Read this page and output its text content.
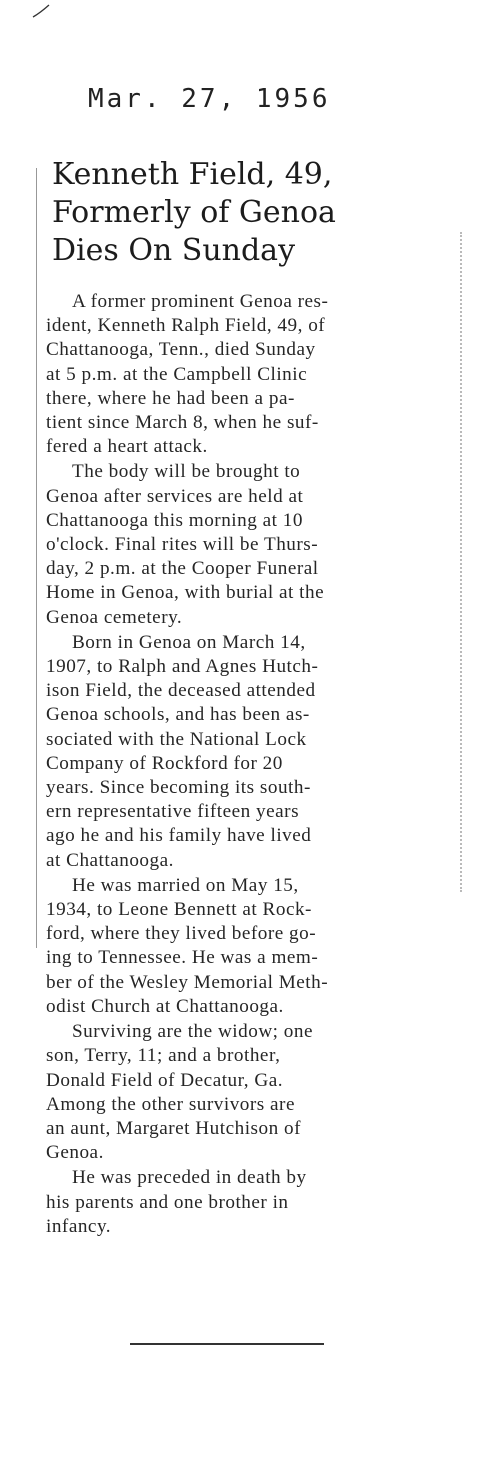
Mar. 27, 1956
Kenneth Field, 49,
Formerly of Genoa
Dies On Sunday

A former prominent Genoa res-
ident, Kenneth Ralph Field, 49, of
Chattanooga, Tenn., died Sunday
at 5 p.m. at the Campbell Clinic
there, where he had been a pa-
tient since March 8, when he suf-
fered a heart attack.

The body will be brought to
Genoa after services are held at
Chattanooga this morning at 10
o'clock. Final rites will be Thurs-
day, 2 p.m. at the Cooper Funeral
Home in Genoa, with burial at the
Genoa cemetery.

Born in Genoa on March 14,
1907, to Ralph and Agnes Hutch-
ison Field, the deceased attended
Genoa schools, and has been as-
sociated with the National Lock
Company of Rockford for 20
years. Since becoming its south-
ern representative fifteen years
ago he and his family have lived
at Chattanooga.

He was married on May 15,
1934, to Leone Bennett at Rock-
ford, where they lived before go-
ing to Tennessee. He was a mem-
ber of the Wesley Memorial Meth-
odist Church at Chattanooga.

Surviving are the widow; one
son, Terry, 11; and a brother,
Donald Field of Decatur, Ga.
Among the other survivors are
an aunt, Margaret Hutchison of
Genoa.

He was preceded in death by
his parents and one brother in
infancy.
